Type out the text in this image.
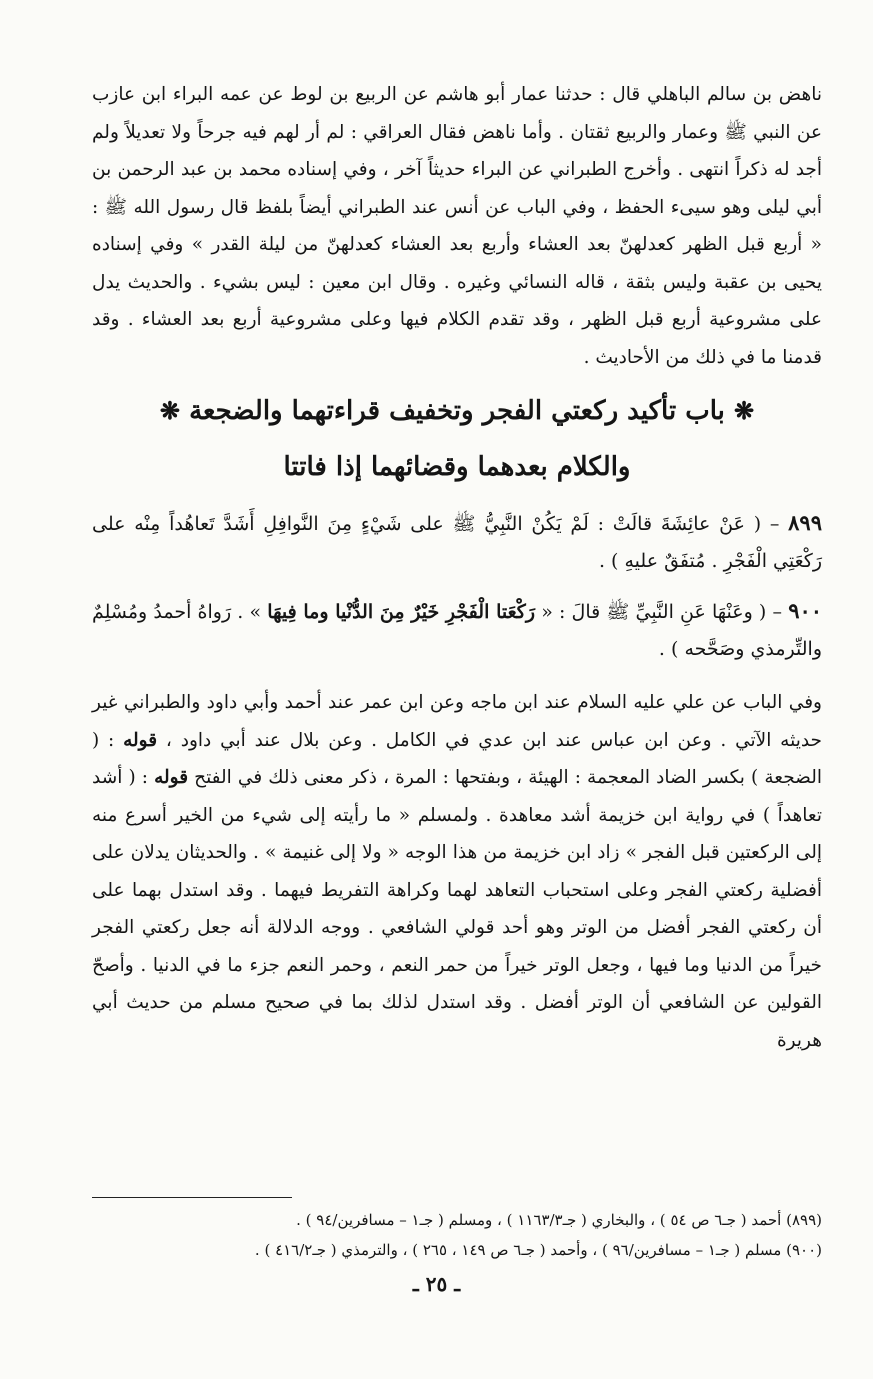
ناهض بن سالم الباهلي قال : حدثنا عمار أبو هاشم عن الربيع بن لوط عن عمه البراء ابن عازب عن النبي ﷺ وعمار والربيع ثقتان . وأما ناهض فقال العراقي : لم أر لهم فيه جرحاً ولا تعديلاً ولم أجد له ذكراً انتهى . وأخرج الطبراني عن البراء حديثاً آخر ، وفي إسناده محمد بن عبد الرحمن بن أبي ليلى وهو سيىء الحفظ ، وفي الباب عن أنس عند الطبراني أيضاً بلفظ قال رسول الله ﷺ : « أربع قبل الظهر كعدلهنّ بعد العشاء وأربع بعد العشاء كعدلهنّ من ليلة القدر » وفي إسناده يحيى بن عقبة وليس بثقة ، قاله النسائي وغيره . وقال ابن معين : ليس بشيء . والحديث يدل على مشروعية أربع قبل الظهر ، وقد تقدم الكلام فيها وعلى مشروعية أربع بعد العشاء . وقد قدمنا ما في ذلك من الأحاديث .

❋ باب تأكيد ركعتي الفجر وتخفيف قراءتهما والضجعة ❋
والكلام بعدهما وقضائهما إذا فاتتا

٨٩٩ – ( عَنْ عائِشَةَ قالَتْ : لَمْ يَكُنْ النَّبِيُّ ﷺ على شَيْءٍ مِنَ النَّوافِلِ أَشَدَّ تَعاهُداً مِنْه على رَكْعَتِي الْفَجْرِ . مُتفَقٌ عليهِ ) .

٩٠٠ – ( وعَنْهَا عَنِ النَّبِيِّ ﷺ قالَ : « رَكْعَتا الْفَجْرِ خَيْرٌ مِنَ الدُّنْيا وما فِيهَا » . رَواهُ أحمدُ ومُسْلِمٌ والتِّرمذي وصَحَّحه ) .

وفي الباب عن علي عليه السلام عند ابن ماجه وعن ابن عمر عند أحمد وأبي داود والطبراني غير حديثه الآتي . وعن ابن عباس عند ابن عدي في الكامل . وعن بلال عند أبي داود ، قوله : ( الضجعة ) بكسر الضاد المعجمة : الهيئة ، وبفتحها : المرة ، ذكر معنى ذلك في الفتح قوله : ( أشد تعاهداً ) في رواية ابن خزيمة أشد معاهدة . ولمسلم « ما رأيته إلى شيء من الخير أسرع منه إلى الركعتين قبل الفجر » زاد ابن خزيمة من هذا الوجه « ولا إلى غنيمة » . والحديثان يدلان على أفضلية ركعتي الفجر وعلى استحباب التعاهد لهما وكراهة التفريط فيهما . وقد استدل بهما على أن ركعتي الفجر أفضل من الوتر وهو أحد قولي الشافعي . ووجه الدلالة أنه جعل ركعتي الفجر خيراً من الدنيا وما فيها ، وجعل الوتر خيراً من حمر النعم ، وحمر النعم جزء ما في الدنيا . وأصحّ القولين عن الشافعي أن الوتر أفضل . وقد استدل لذلك بما في صحيح مسلم من حديث أبي هريرة

(٨٩٩) أحمد ( جـ٦ ص ٥٤ ) ، والبخاري ( جـ١١٦٣/٣ ) ، ومسلم ( جـ١ – مسافرين/٩٤ ) .

(٩٠٠) مسلم ( جـ١ – مسافرين/٩٦ ) ، وأحمد ( جـ٦ ص ١٤٩ ، ٢٦٥ ) ، والترمذي ( جـ٤١٦/٢ ) .

ـ ٢٥ ـ
